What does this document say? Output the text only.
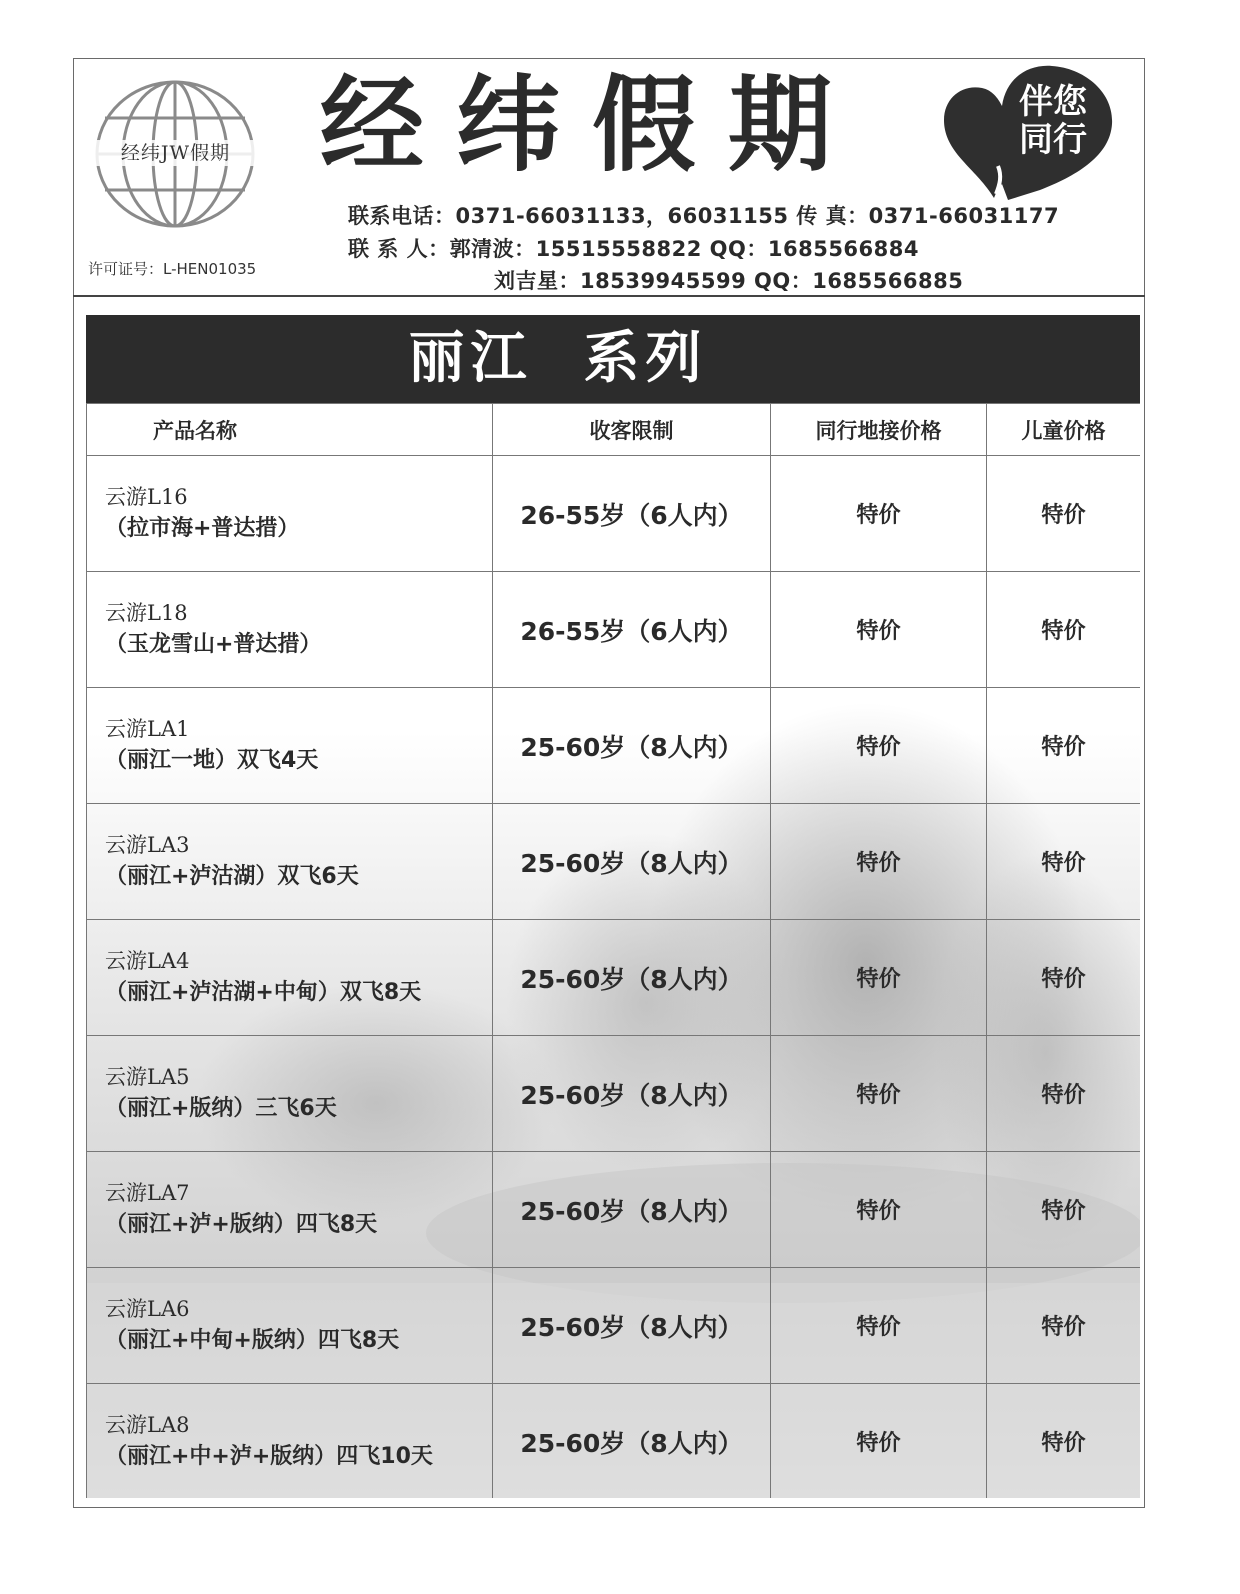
经纬JW假期
许可证号：L-HEN01035
经纬假期	伴您
同行
联系电话：0371-66031133，66031155 传 真：0371-66031177
联 系 人：郭清波：15515558822 QQ：1685566884
刘吉星：18539945599 QQ：1685566885
丽江  系列
产品名称	收客限制	同行地接价格	儿童价格

云游L16
（拉市海+普达措）	26-55岁（6人内）	特价	特价

云游L18
（玉龙雪山+普达措）	26-55岁（6人内）	特价	特价

云游LA1
（丽江一地）双飞4天	25-60岁（8人内）	特价	特价

云游LA3
（丽江+泸沽湖）双飞6天	25-60岁（8人内）	特价	特价

云游LA4
（丽江+泸沽湖+中甸）双飞8天	25-60岁（8人内）	特价	特价

云游LA5
（丽江+版纳）三飞6天	25-60岁（8人内）	特价	特价

云游LA7
（丽江+泸+版纳）四飞8天	25-60岁（8人内）	特价	特价

云游LA6
（丽江+中甸+版纳）四飞8天	25-60岁（8人内）	特价	特价

云游LA8
（丽江+中+泸+版纳）四飞10天	25-60岁（8人内）	特价	特价
